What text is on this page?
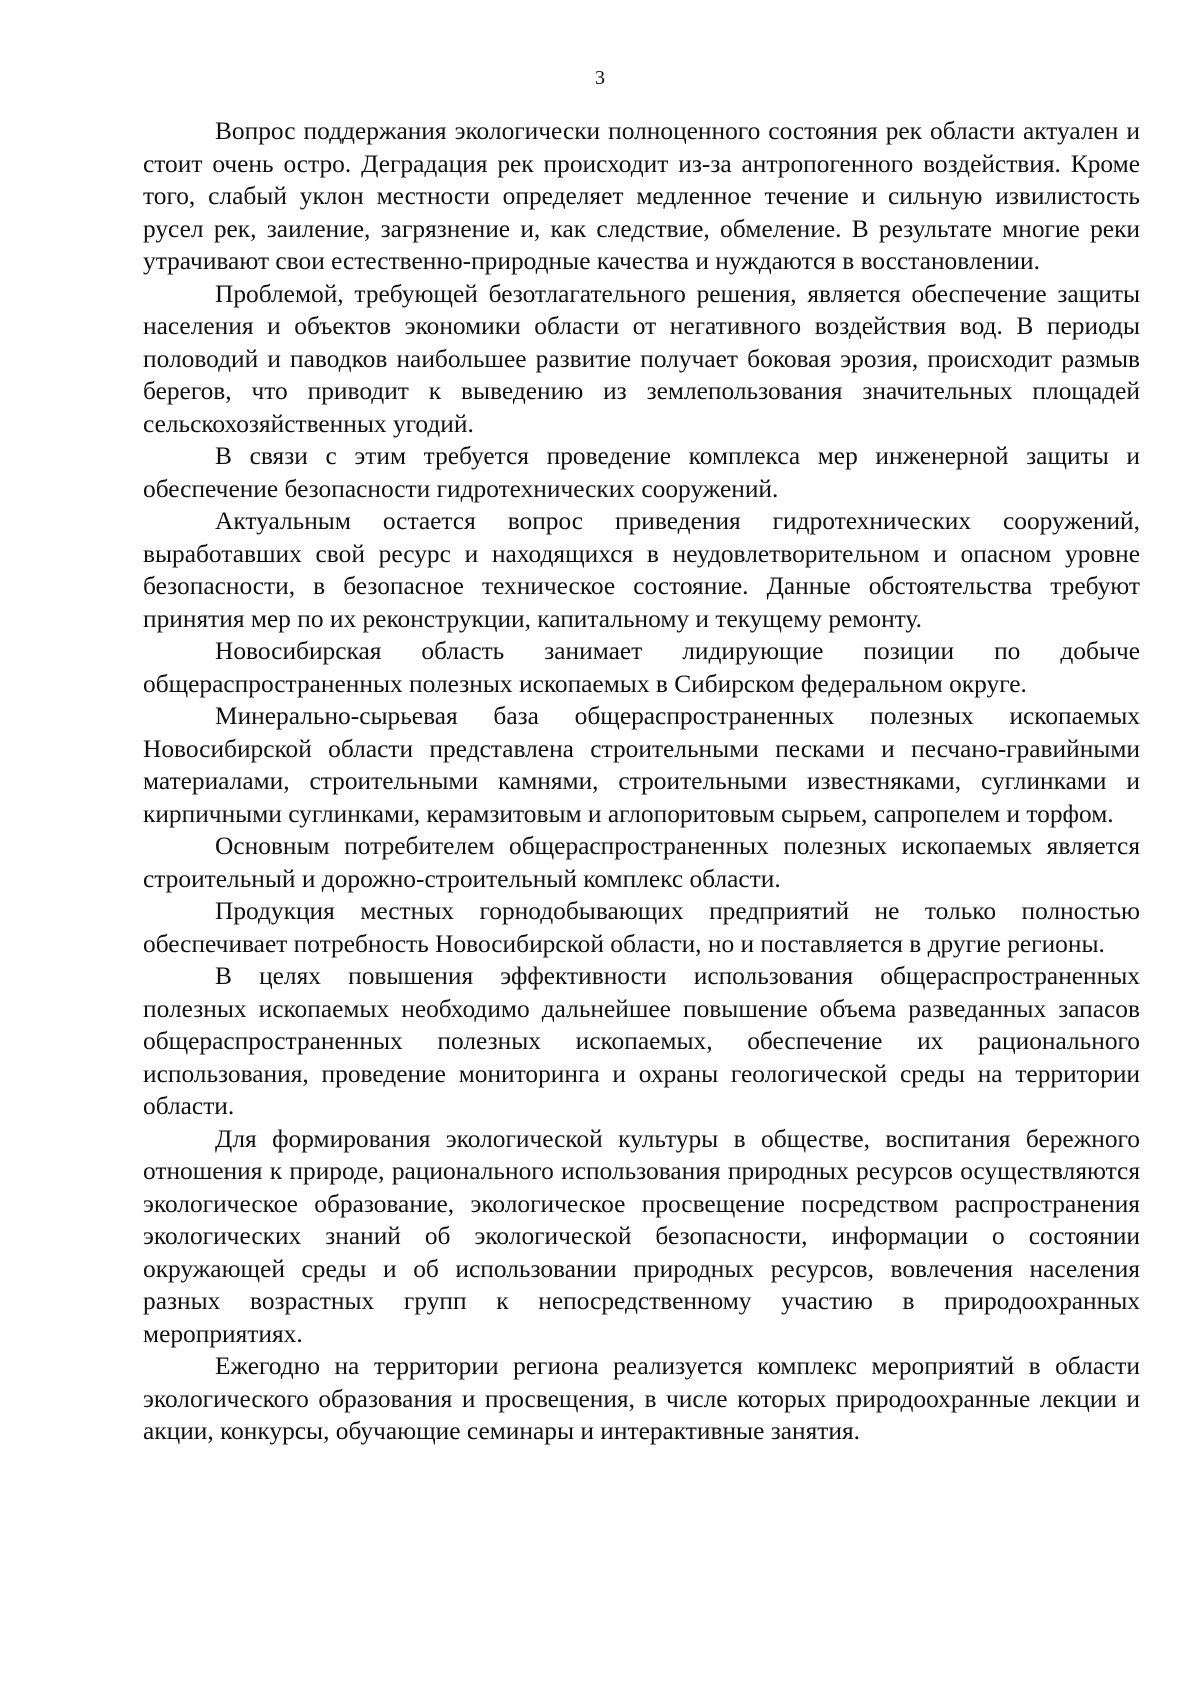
3

Вопрос поддержания экологически полноценного состояния рек области актуален и стоит очень остро. Деградация рек происходит из-за антропогенного воздействия. Кроме того, слабый уклон местности определяет медленное течение и сильную извилистость русел рек, заиление, загрязнение и, как следствие, обмеление. В результате многие реки утрачивают свои естественно-природные качества и нуждаются в восстановлении.

Проблемой, требующей безотлагательного решения, является обеспечение защиты населения и объектов экономики области от негативного воздействия вод. В периоды половодий и паводков наибольшее развитие получает боковая эрозия, происходит размыв берегов, что приводит к выведению из землепользования значительных площадей сельскохозяйственных угодий.

В связи с этим требуется проведение комплекса мер инженерной защиты и обеспечение безопасности гидротехнических сооружений.

Актуальным остается вопрос приведения гидротехнических сооружений, выработавших свой ресурс и находящихся в неудовлетворительном и опасном уровне безопасности, в безопасное техническое состояние. Данные обстоятельства требуют принятия мер по их реконструкции, капитальному и текущему ремонту.

Новосибирская область занимает лидирующие позиции по добыче общераспространенных полезных ископаемых в Сибирском федеральном округе.

Минерально-сырьевая база общераспространенных полезных ископаемых Новосибирской области представлена строительными песками и песчано-гравийными материалами, строительными камнями, строительными известняками, суглинками и кирпичными суглинками, керамзитовым и аглопоритовым сырьем, сапропелем и торфом.

Основным потребителем общераспространенных полезных ископаемых является строительный и дорожно-строительный комплекс области.

Продукция местных горнодобывающих предприятий не только полностью обеспечивает потребность Новосибирской области, но и поставляется в другие регионы.

В целях повышения эффективности использования общераспространенных полезных ископаемых необходимо дальнейшее повышение объема разведанных запасов общераспространенных полезных ископаемых, обеспечение их рационального использования, проведение мониторинга и охраны геологической среды на территории области.

Для формирования экологической культуры в обществе, воспитания бережного отношения к природе, рационального использования природных ресурсов осуществляются экологическое образование, экологическое просвещение посредством распространения экологических знаний об экологической безопасности, информации о состоянии окружающей среды и об использовании природных ресурсов, вовлечения населения разных возрастных групп к непосредственному участию в природоохранных мероприятиях.

Ежегодно на территории региона реализуется комплекс мероприятий в области экологического образования и просвещения, в числе которых природоохранные лекции и акции, конкурсы, обучающие семинары и интерактивные занятия.
